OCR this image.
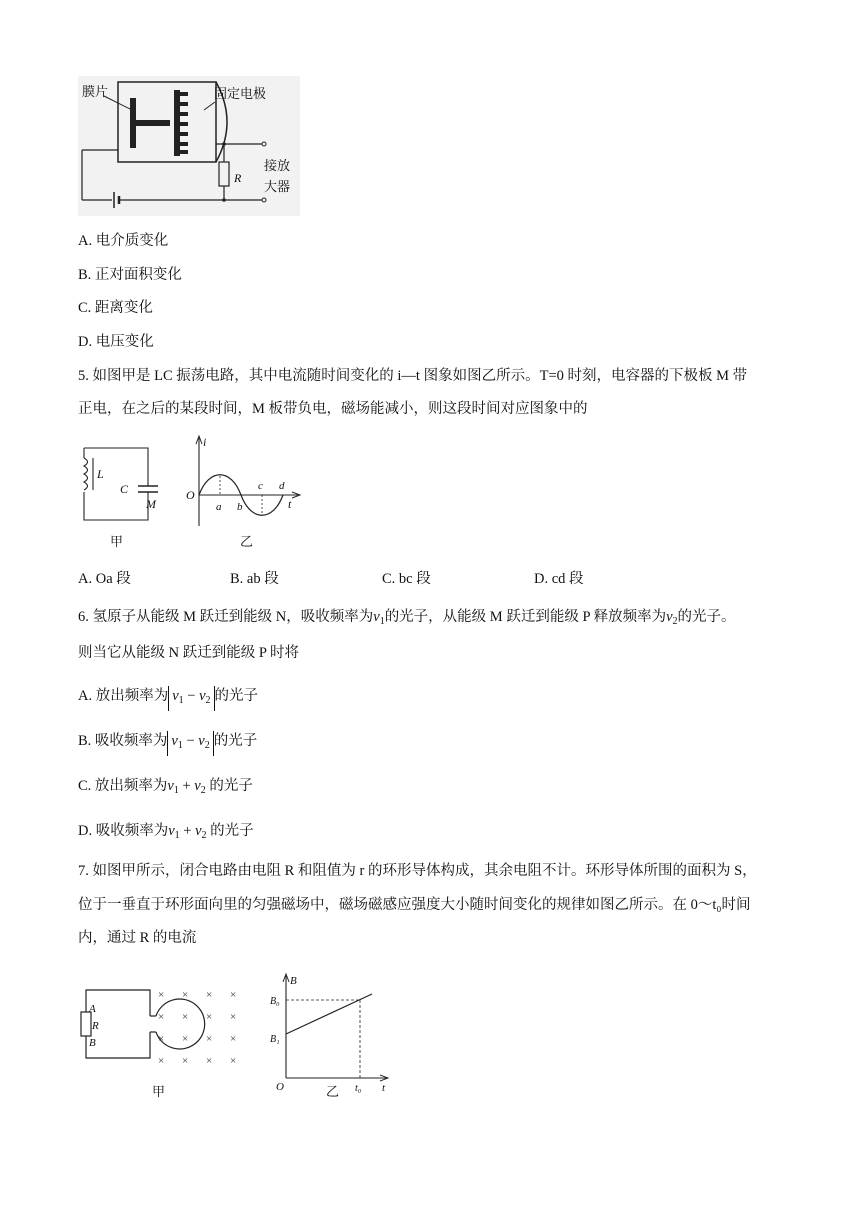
膜片	固定电极
R
接放
大器
A. 电介质变化
B. 正对面积变化
C. 距离变化
D. 电压变化
5. 如图甲是 LC 振荡电路，其中电流随时间变化的 i—t 图象如图乙所示。T=0 时刻，电容器的下极板 M 带
正电，在之后的某段时间，M 板带负电，磁场能减小，则这段时间对应图象中的
L
C
M
甲
i
O
a b
c d
t
乙
A. Oa 段	B. ab 段	C. bc 段	D. cd 段
6. 氢原子从能级 M 跃迁到能级 N，吸收频率为$\nu_1$的光子，从能级 M 跃迁到能级 P 释放频率为$\nu_2$的光子。
则当它从能级 N 跃迁到能级 P 时将
A. 放出频率为 $\nu_1 - \nu_2$ 的光子
B. 吸收频率为 $\nu_1 - \nu_2$ 的光子
C. 放出频率为$\nu_1 + \nu_2$ 的光子
D. 吸收频率为$\nu_1 + \nu_2$ 的光子
7. 如图甲所示，闭合电路由电阻 R 和阻值为 r 的环形导体构成，其余电阻不计。环形导体所围的面积为 S，
位于一垂直于环形面向里的匀强磁场中，磁场磁感应强度大小随时间变化的规律如图乙所示。在 0～t₀时间
内，通过 R 的电流
× × × ×
× × × ×
× × × ×
× × × ×
A
R
B
甲
B
B₀
B₁
O	t₀ t
乙
